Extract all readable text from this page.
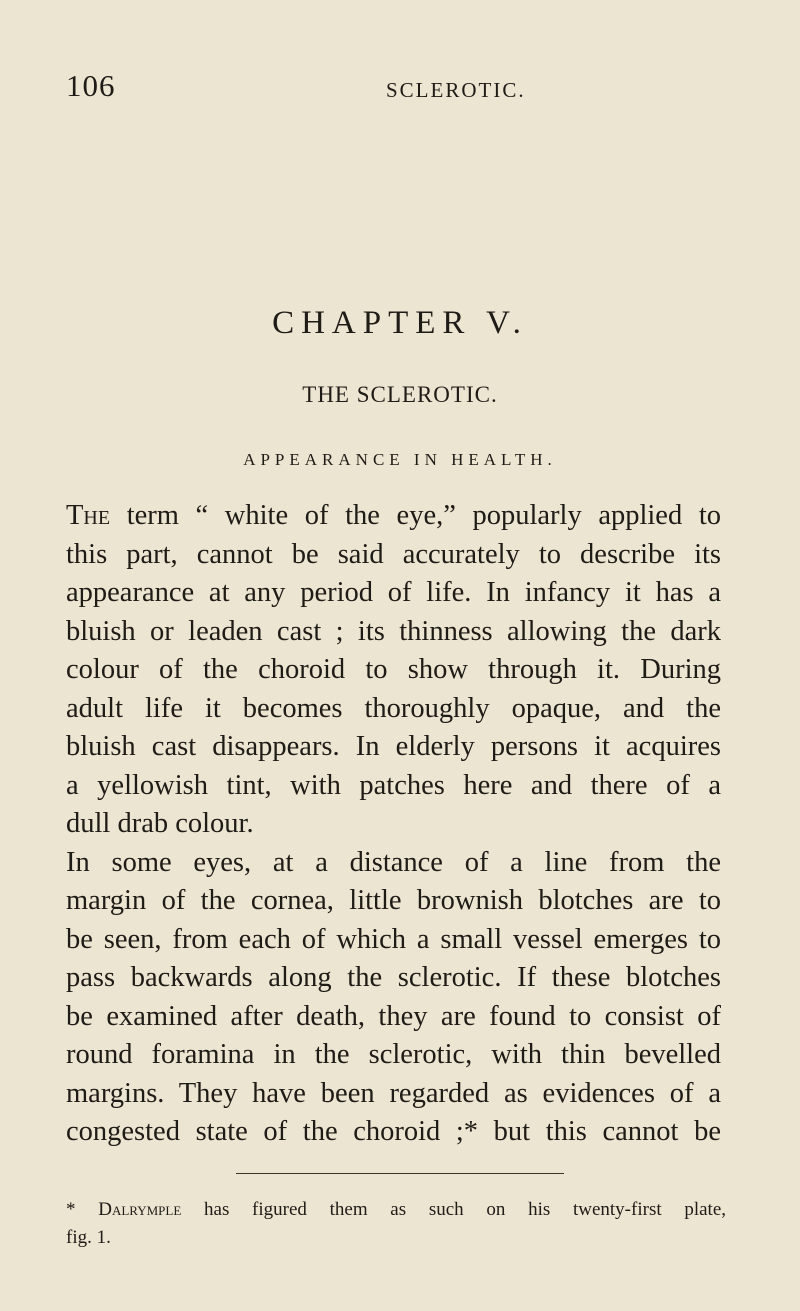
106	SCLEROTIC.
CHAPTER V.
THE SCLEROTIC.
APPEARANCE IN HEALTH.
The term “ white of the eye,” popularly applied to
this part, cannot be said accurately to describe its
appearance at any period of life. In infancy it has a
bluish or leaden cast ; its thinness allowing the dark
colour of the choroid to show through it. During
adult life it becomes thoroughly opaque, and the
bluish cast disappears. In elderly persons it acquires
a yellowish tint, with patches here and there of a
dull drab colour.
In some eyes, at a distance of a line from the
margin of the cornea, little brownish blotches are to
be seen, from each of which a small vessel emerges to
pass backwards along the sclerotic. If these blotches
be examined after death, they are found to consist of
round foramina in the sclerotic, with thin bevelled
margins. They have been regarded as evidences of a
congested state of the choroid ;* but this cannot be
* Dalrymple has figured them as such on his twenty-first plate,
fig. 1.
